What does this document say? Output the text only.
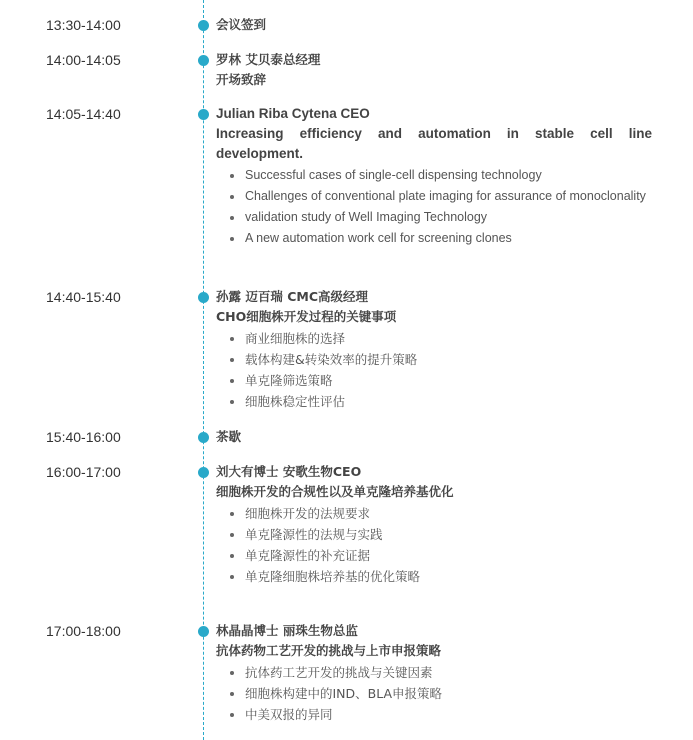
13:30-14:00	会议签到

14:00-14:05	罗林 艾贝泰总经理

开场致辞

14:05-14:40	Julian Riba Cytena CEO

Increasing efficiency and automation in stable cell line

development.

Successful cases of single-cell dispensing technology
Challenges of conventional plate imaging for assurance of monoclonality
validation study of Well Imaging Technology
A new automation work cell for screening clones
14:40-15:40	孙露 迈百瑞 CMC高级经理

CHO细胞株开发过程的关键事项

商业细胞株的选择
载体构建&转染效率的提升策略
单克隆筛选策略
细胞株稳定性评估
15:40-16:00	茶歇

16:00-17:00	刘大有博士 安歌生物CEO

细胞株开发的合规性以及单克隆培养基优化

细胞株开发的法规要求
单克隆源性的法规与实践
单克隆源性的补充证据
单克隆细胞株培养基的优化策略
17:00-18:00	林晶晶博士 丽珠生物总监

抗体药物工艺开发的挑战与上市申报策略

抗体药工艺开发的挑战与关键因素
细胞株构建中的IND、BLA申报策略
中美双报的异同
